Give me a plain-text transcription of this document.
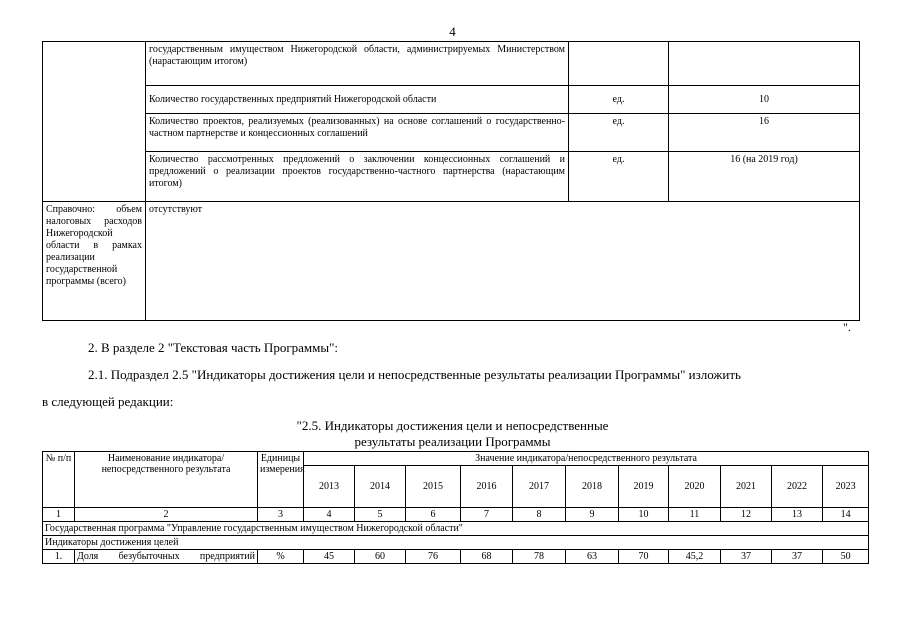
4
	государственным имуществом Нижегородской области, администрируемых Министерством (нарастающим итогом)		
	Количество государственных предприятий Нижегородской области	ед.	10
	Количество проектов, реализуемых (реализованных) на основе соглашений о государственно-частном партнерстве и концессионных соглашений	ед.	16
	Количество рассмотренных предложений о заключении концессионных соглашений и предложений о реализации проектов государственно-частного партнерства (нарастающим итогом)	ед.	16 (на 2019 год)
Справочно: объем налоговых расходов Нижегородской области в рамках реализации государственной программы (всего)	отсутствуют		
".
2. В разделе 2 "Текстовая часть Программы":
2.1. Подраздел 2.5 "Индикаторы достижения цели и непосредственные результаты реализации Программы" изложить
в следующей редакции:
"2.5. Индикаторы достижения цели и непосредственные
результаты реализации Программы
№ п/п	Наименование индикатора/непосредственного результата	Единицы измерения	Значение индикатора/непосредственного результата										
			2013	2014	2015	2016	2017	2018	2019	2020	2021	2022	2023
1	2	3	4	5	6	7	8	9	10	11	12	13	14
Государственная программа "Управление государственным имуществом Нижегородской области"													
Индикаторы достижения целей													
1.	Доля безубыточных предприятий	%	45	60	76	68	78	63	70	45,2	37	37	50
